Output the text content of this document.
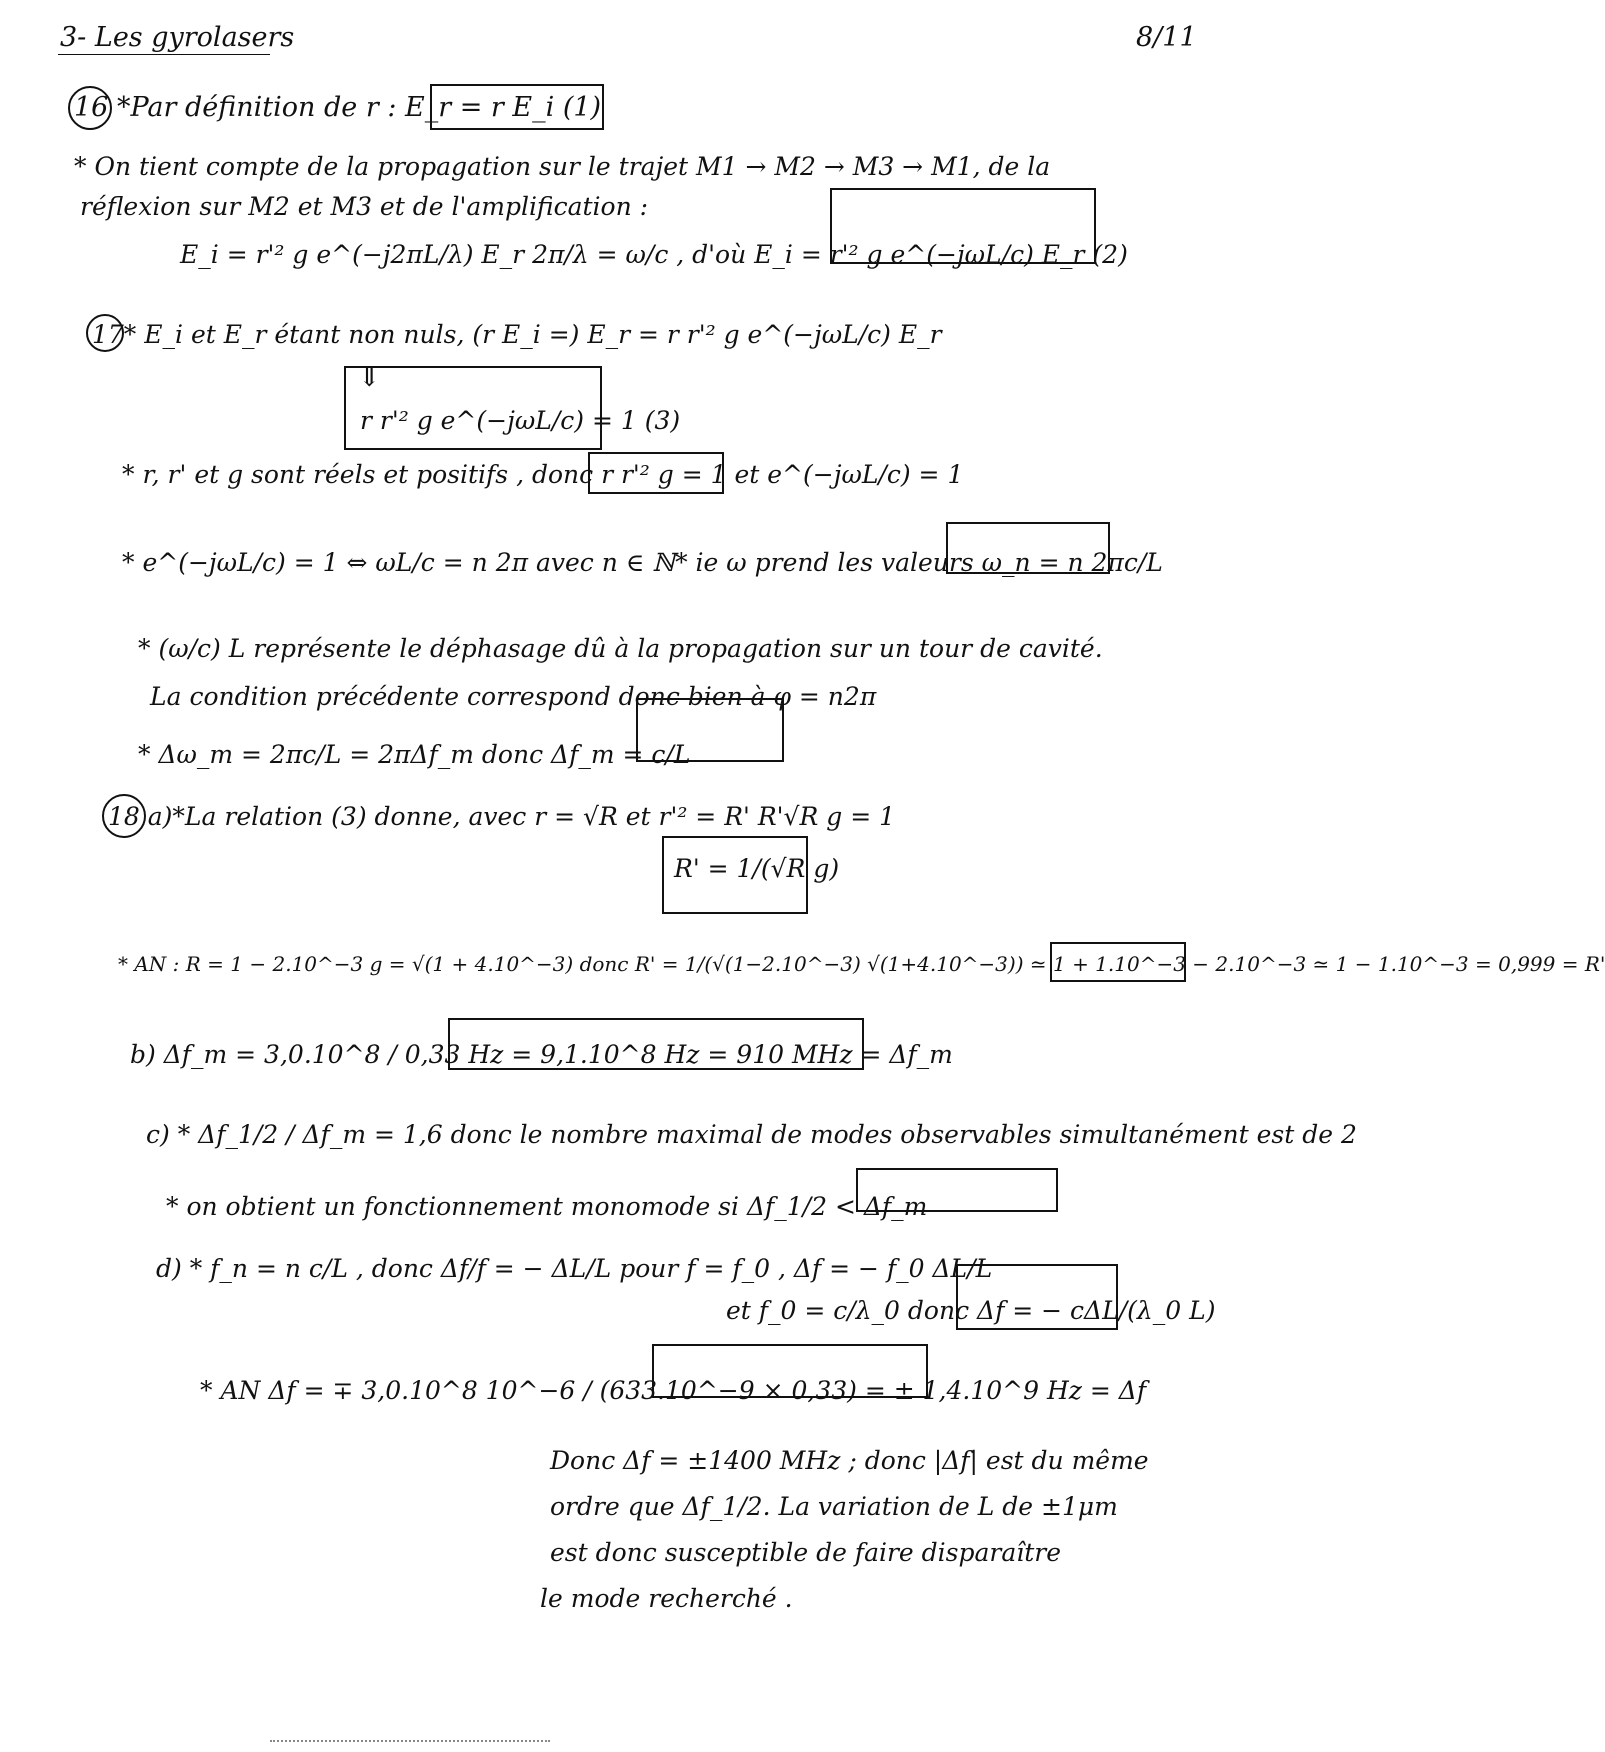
3- Les gyrolasers	8/11
16 *Par définition de r : E_r = r E_i (1)
* On tient compte de la propagation sur le trajet M1 → M2 → M3 → M1, de la
réflexion sur M2 et M3 et de l'amplification :
E_i = r'² g e^(−j2πL/λ) E_r 2π/λ = ω/c , d'où E_i = r'² g e^(−jωL/c) E_r (2)
17* E_i et E_r étant non nuls, (r E_i =) E_r = r r'² g e^(−jωL/c) E_r
⇓
r r'² g e^(−jωL/c) = 1 (3)
* r, r' et g sont réels et positifs , donc r r'² g = 1 et e^(−jωL/c) = 1
* e^(−jωL/c) = 1 ⇔ ωL/c = n 2π avec n ∈ ℕ* ie ω prend les valeurs ω_n = n 2πc/L
* (ω/c) L représente le déphasage dû à la propagation sur un tour de cavité.
La condition précédente correspond donc bien à φ = n2π
* Δω_m = 2πc/L = 2πΔf_m donc Δf_m = c/L
18 a)*La relation (3) donne, avec r = √R et r'² = R' R'√R g = 1
R' = 1/(√R g)
* AN : R = 1 − 2.10^−3 g = √(1 + 4.10^−3) donc R' = 1/(√(1−2.10^−3) √(1+4.10^−3)) ≃ 1 + 1.10^−3 − 2.10^−3 ≃ 1 − 1.10^−3 = 0,999 = R'
b) Δf_m = 3,0.10^8 / 0,33 Hz = 9,1.10^8 Hz = 910 MHz = Δf_m
c) * Δf_1/2 / Δf_m = 1,6 donc le nombre maximal de modes observables simultanément est de 2
* on obtient un fonctionnement monomode si Δf_1/2 < Δf_m
d) * f_n = n c/L , donc Δf/f = − ΔL/L pour f = f_0 , Δf = − f_0 ΔL/L
et f_0 = c/λ_0 donc Δf = − cΔL/(λ_0 L)
* AN Δf = ∓ 3,0.10^8 10^−6 / (633.10^−9 × 0,33) = ± 1,4.10^9 Hz = Δf
Donc Δf = ±1400 MHz ; donc |Δf| est du même
ordre que Δf_1/2. La variation de L de ±1μm
est donc susceptible de faire disparaître
le mode recherché .
